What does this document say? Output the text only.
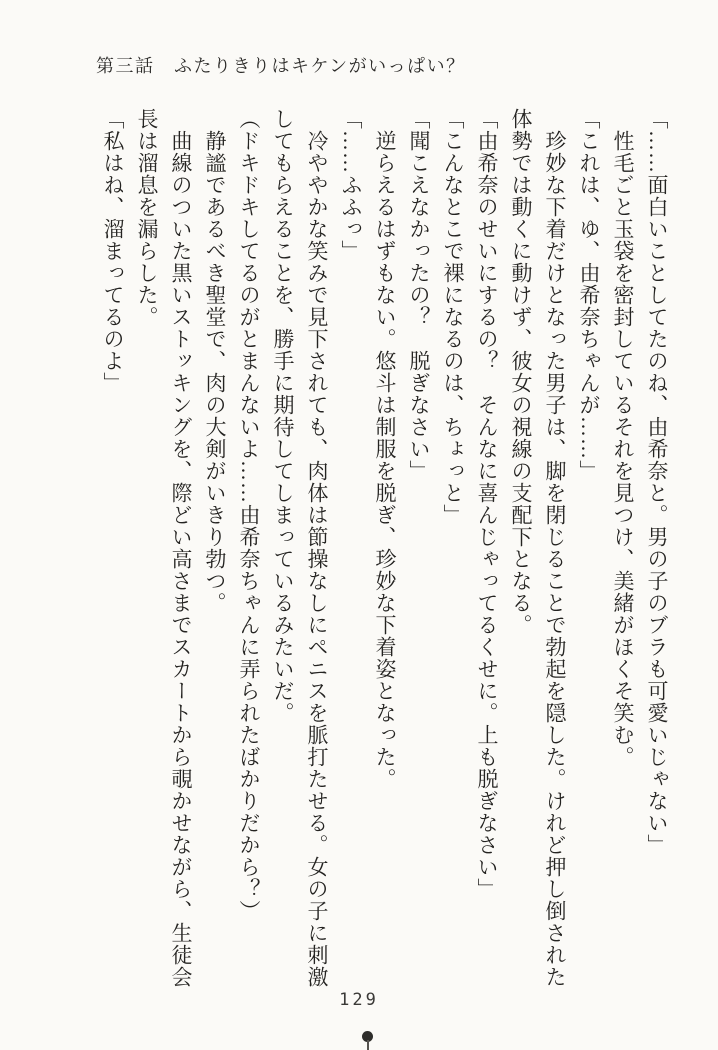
第三話　ふたりきりはキケンがいっぱい？
「……面白いことしてたのね、由希奈と。男の子のブラも可愛いじゃない」
性毛ごと玉袋を密封しているそれを見つけ、美緒がほくそ笑む。
「これは、ゆ、由希奈ちゃんが……」
珍妙な下着だけとなった男子は、脚を閉じることで勃起を隠した。けれど押し倒された
体勢では動くに動けず、彼女の視線の支配下となる。
「由希奈のせいにするの？　そんなに喜んじゃってるくせに。上も脱ぎなさい」
「こんなとこで裸になるのは、ちょっと」
「聞こえなかったの？　脱ぎなさい」
逆らえるはずもない。悠斗は制服を脱ぎ、珍妙な下着姿となった。
「……ふふっ」
冷ややかな笑みで見下されても、肉体は節操なしにペニスを脈打たせる。女の子に刺激
してもらえることを、勝手に期待してしまっているみたいだ。
（ドキドキしてるのがとまんないよ……由希奈ちゃんに弄られたばかりだから？）
静謐であるべき聖堂で、肉の大剣がいきり勃つ。
曲線のついた黒いストッキングを、際どい高さまでスカートから覗かせながら、生徒会
長は溜息を漏らした。
「私はね、溜まってるのよ」
129
